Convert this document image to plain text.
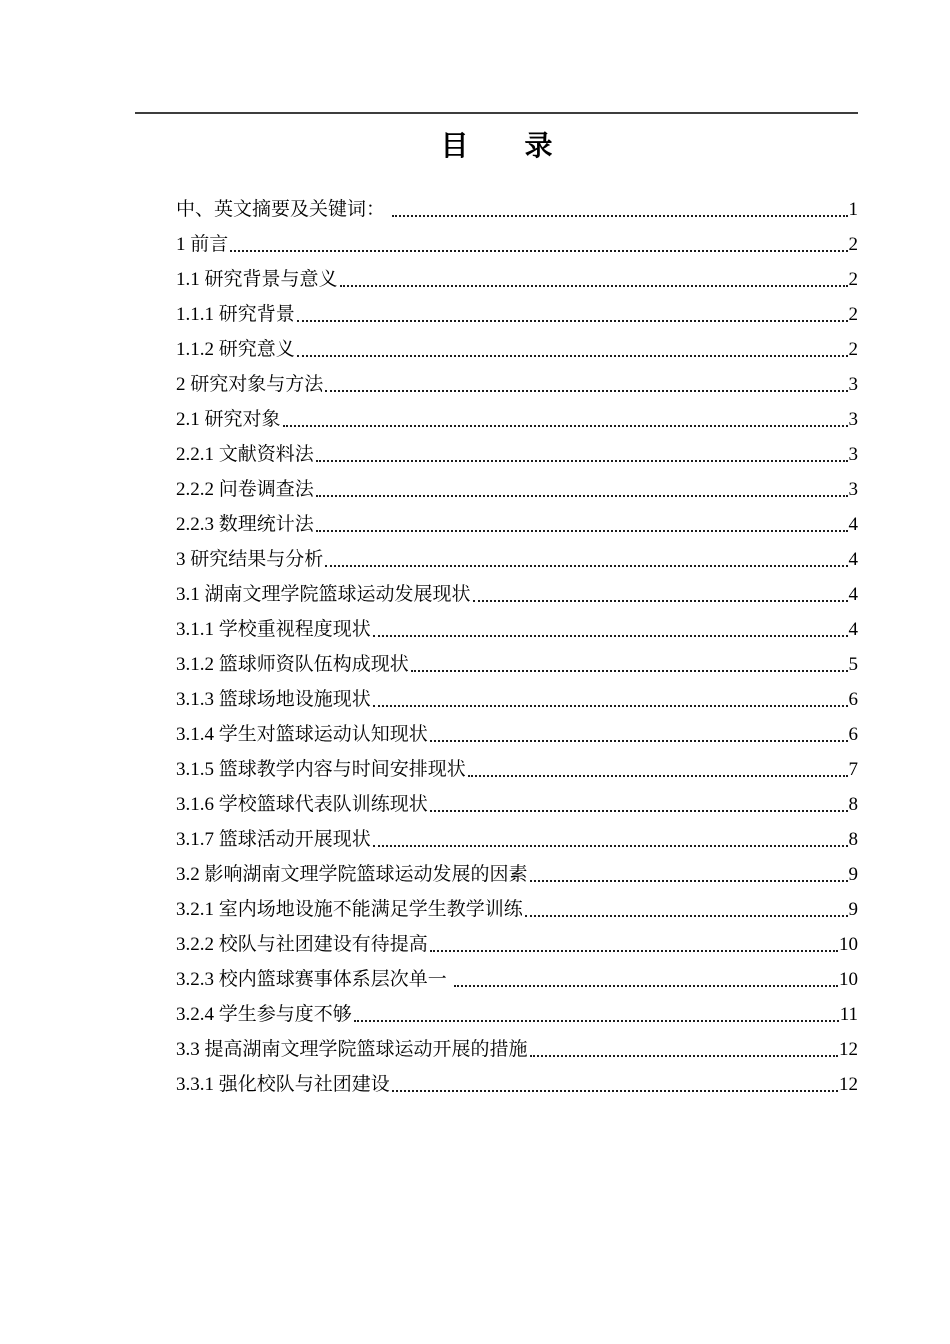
目　　录
中、英文摘要及关键词：	1
1 前言	2
1.1 研究背景与意义	2
1.1.1 研究背景	2
1.1.2 研究意义	2
2 研究对象与方法	3
2.1 研究对象	3
2.2.1 文献资料法	3
2.2.2 问卷调查法	3
2.2.3 数理统计法	4
3 研究结果与分析	4
3.1 湖南文理学院篮球运动发展现状	4
3.1.1 学校重视程度现状	4
3.1.2 篮球师资队伍构成现状	5
3.1.3 篮球场地设施现状	6
3.1.4 学生对篮球运动认知现状	6
3.1.5 篮球教学内容与时间安排现状	7
3.1.6 学校篮球代表队训练现状	8
3.1.7 篮球活动开展现状	8
3.2 影响湖南文理学院篮球运动发展的因素	9
3.2.1 室内场地设施不能满足学生教学训练	9
3.2.2 校队与社团建设有待提高	10
3.2.3 校内篮球赛事体系层次单一	10
3.2.4 学生参与度不够	11
3.3 提高湖南文理学院篮球运动开展的措施	12
3.3.1 强化校队与社团建设	12
